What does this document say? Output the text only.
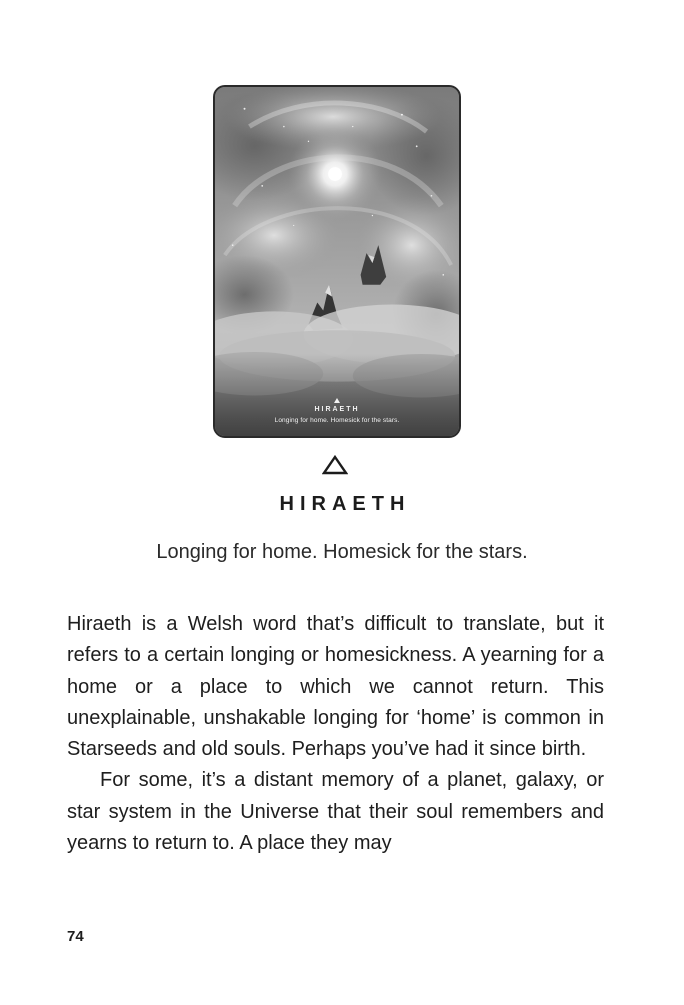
HIRAETH
Longing for home. Homesick for the stars.
HIRAETH
Longing for home. Homesick for the stars.

Hiraeth is a Welsh word that’s difficult to translate, but it refers to a certain longing or homesickness. A yearning for a home or a place to which we cannot return. This unexplainable, unshakable longing for ‘home’ is common in Starseeds and old souls. Perhaps you’ve had it since birth.

For some, it’s a distant memory of a planet, galaxy, or star system in the Universe that their soul remembers and yearns to return to. A place they may

74
